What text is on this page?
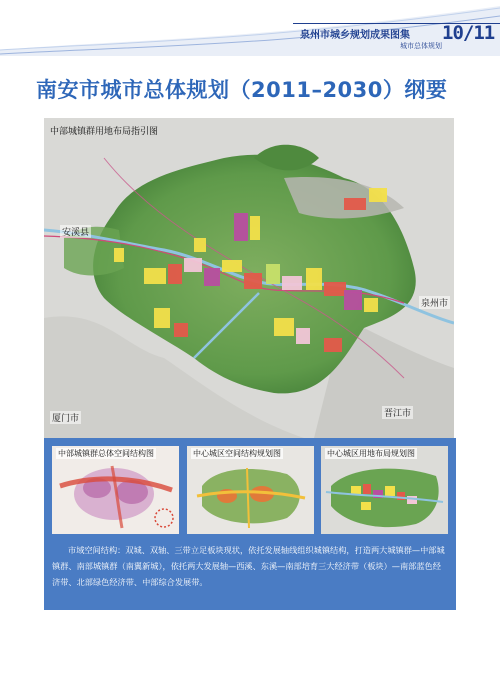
泉州市城乡规划成果图集
城市总体规划
10/11
南安市城市总体规划（2011–2030）纲要
安溪县
泉州市
厦门市	晋江市
中部城镇群用地布局指引图
中部城镇群总体空间结构图	中心城区空间结构规划图	中心城区用地布局规划图

市域空间结构：双城、双轴、三带立足板块现状，依托发展轴线组织城镇结构，打造两大城镇群—中部城镇群、南部城镇群（南翼新城），依托两大发展轴—西溪、东溪—南部培育三大经济带（板块）—南部蓝色经济带、北部绿色经济带、中部综合发展带。
